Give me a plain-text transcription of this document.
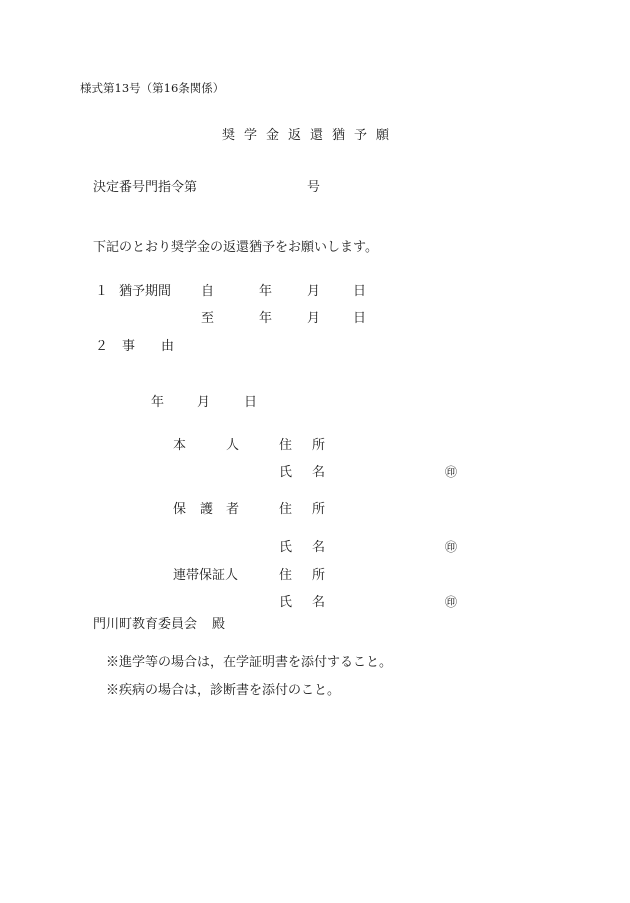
様式第13号（第16条関係）
奨学金返還猶予願
決定番号 門指令第	号
下記のとおり奨学金の返還猶予をお願いします。
１ 猶予期間 自	年	月	日
至	年	月	日
２ 事 由
年	月	日
本	人	住 所
氏 名	㊞
保 護 者	住 所
氏 名	㊞
連帯保証人	住 所
氏 名	㊞
門川町教育委員会 殿
※進学等の場合は，在学証明書を添付すること。
※疾病の場合は，診断書を添付のこと。
